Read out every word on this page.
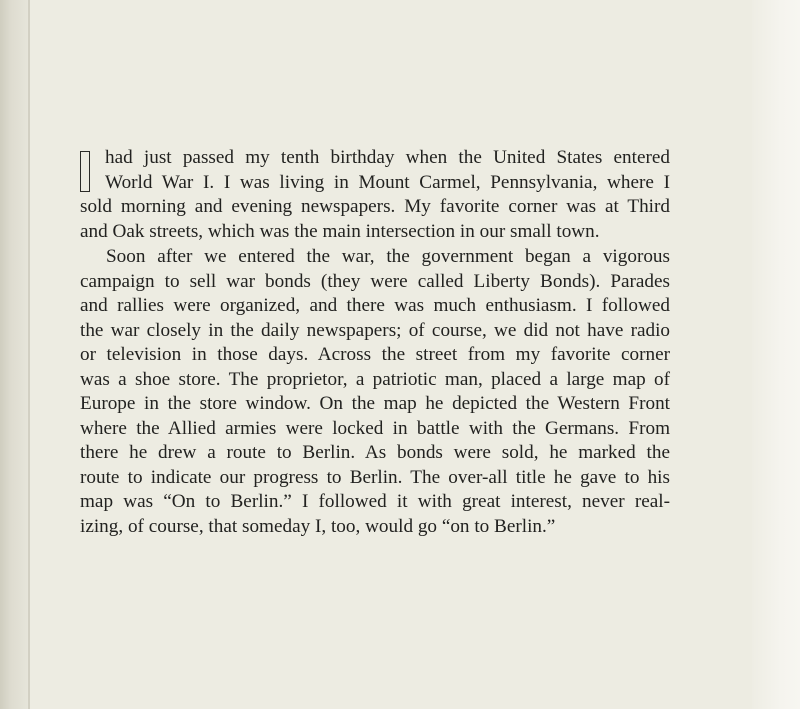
had just passed my tenth birthday when the United States entered
World War I. I was living in Mount Carmel, Pennsylvania, where I
sold morning and evening newspapers. My favorite corner was at Third
and Oak streets, which was the main intersection in our small town.
Soon after we entered the war, the government began a vigorous
campaign to sell war bonds (they were called Liberty Bonds). Parades
and rallies were organized, and there was much enthusiasm. I followed
the war closely in the daily newspapers; of course, we did not have radio
or television in those days. Across the street from my favorite corner
was a shoe store. The proprietor, a patriotic man, placed a large map of
Europe in the store window. On the map he depicted the Western Front
where the Allied armies were locked in battle with the Germans. From
there he drew a route to Berlin. As bonds were sold, he marked the
route to indicate our progress to Berlin. The over-all title he gave to his
map was “On to Berlin.” I followed it with great interest, never real-
izing, of course, that someday I, too, would go “on to Berlin.”
